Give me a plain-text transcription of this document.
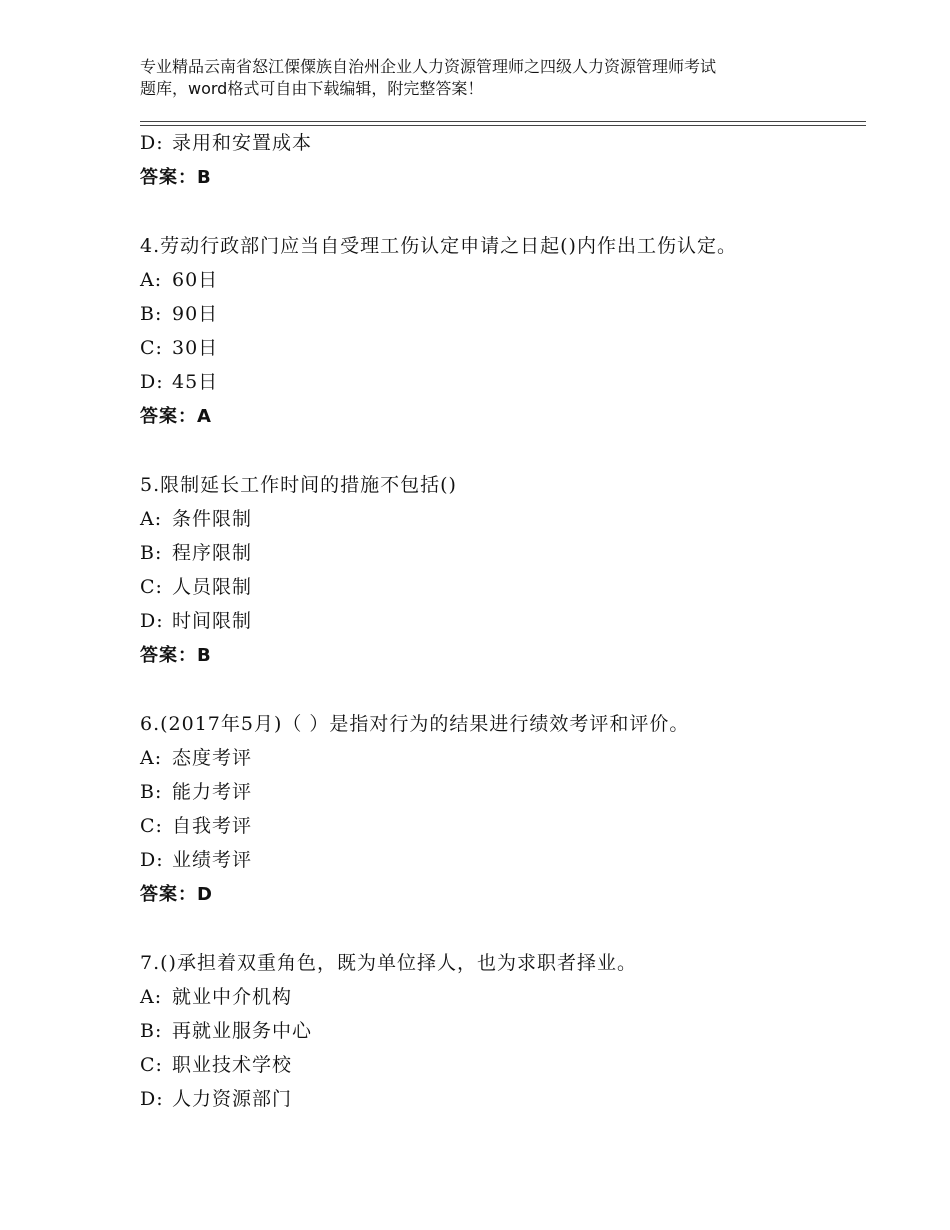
专业精品云南省怒江傈僳族自治州企业人力资源管理师之四级人力资源管理师考试
题库，word格式可自由下载编辑，附完整答案！
D: 录用和安置成本
答案：B
4.劳动行政部门应当自受理工伤认定申请之日起()内作出工伤认定。
A: 60日
B: 90日
C: 30日
D: 45日
答案：A
5.限制延长工作时间的措施不包括()
A: 条件限制
B: 程序限制
C: 人员限制
D: 时间限制
答案：B
6.(2017年5月)（ ）是指对行为的结果进行绩效考评和评价。
A: 态度考评
B: 能力考评
C: 自我考评
D: 业绩考评
答案：D
7.()承担着双重角色，既为单位择人，也为求职者择业。
A: 就业中介机构
B: 再就业服务中心
C: 职业技术学校
D: 人力资源部门
